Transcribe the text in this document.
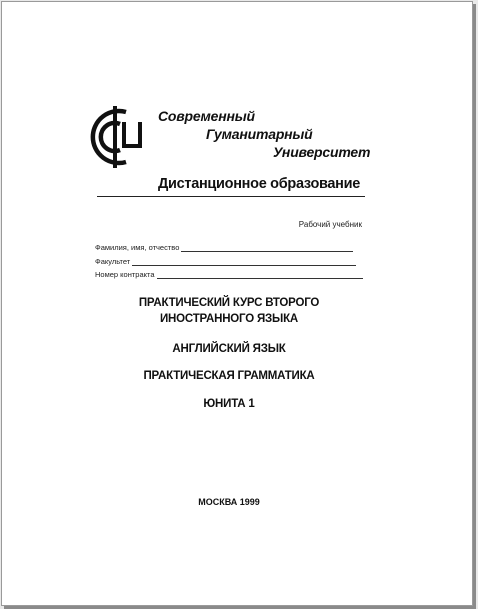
Современный
Гуманитарный
Университет
Дистанционное образование
Рабочий учебник
Фамилия, имя, отчество
Факультет
Номер контракта
ПРАКТИЧЕСКИЙ КУРС ВТОРОГО
ИНОСТРАННОГО ЯЗЫКА
АНГЛИЙСКИЙ ЯЗЫК
ПРАКТИЧЕСКАЯ ГРАММАТИКА
ЮНИТА 1
МОСКВА 1999
